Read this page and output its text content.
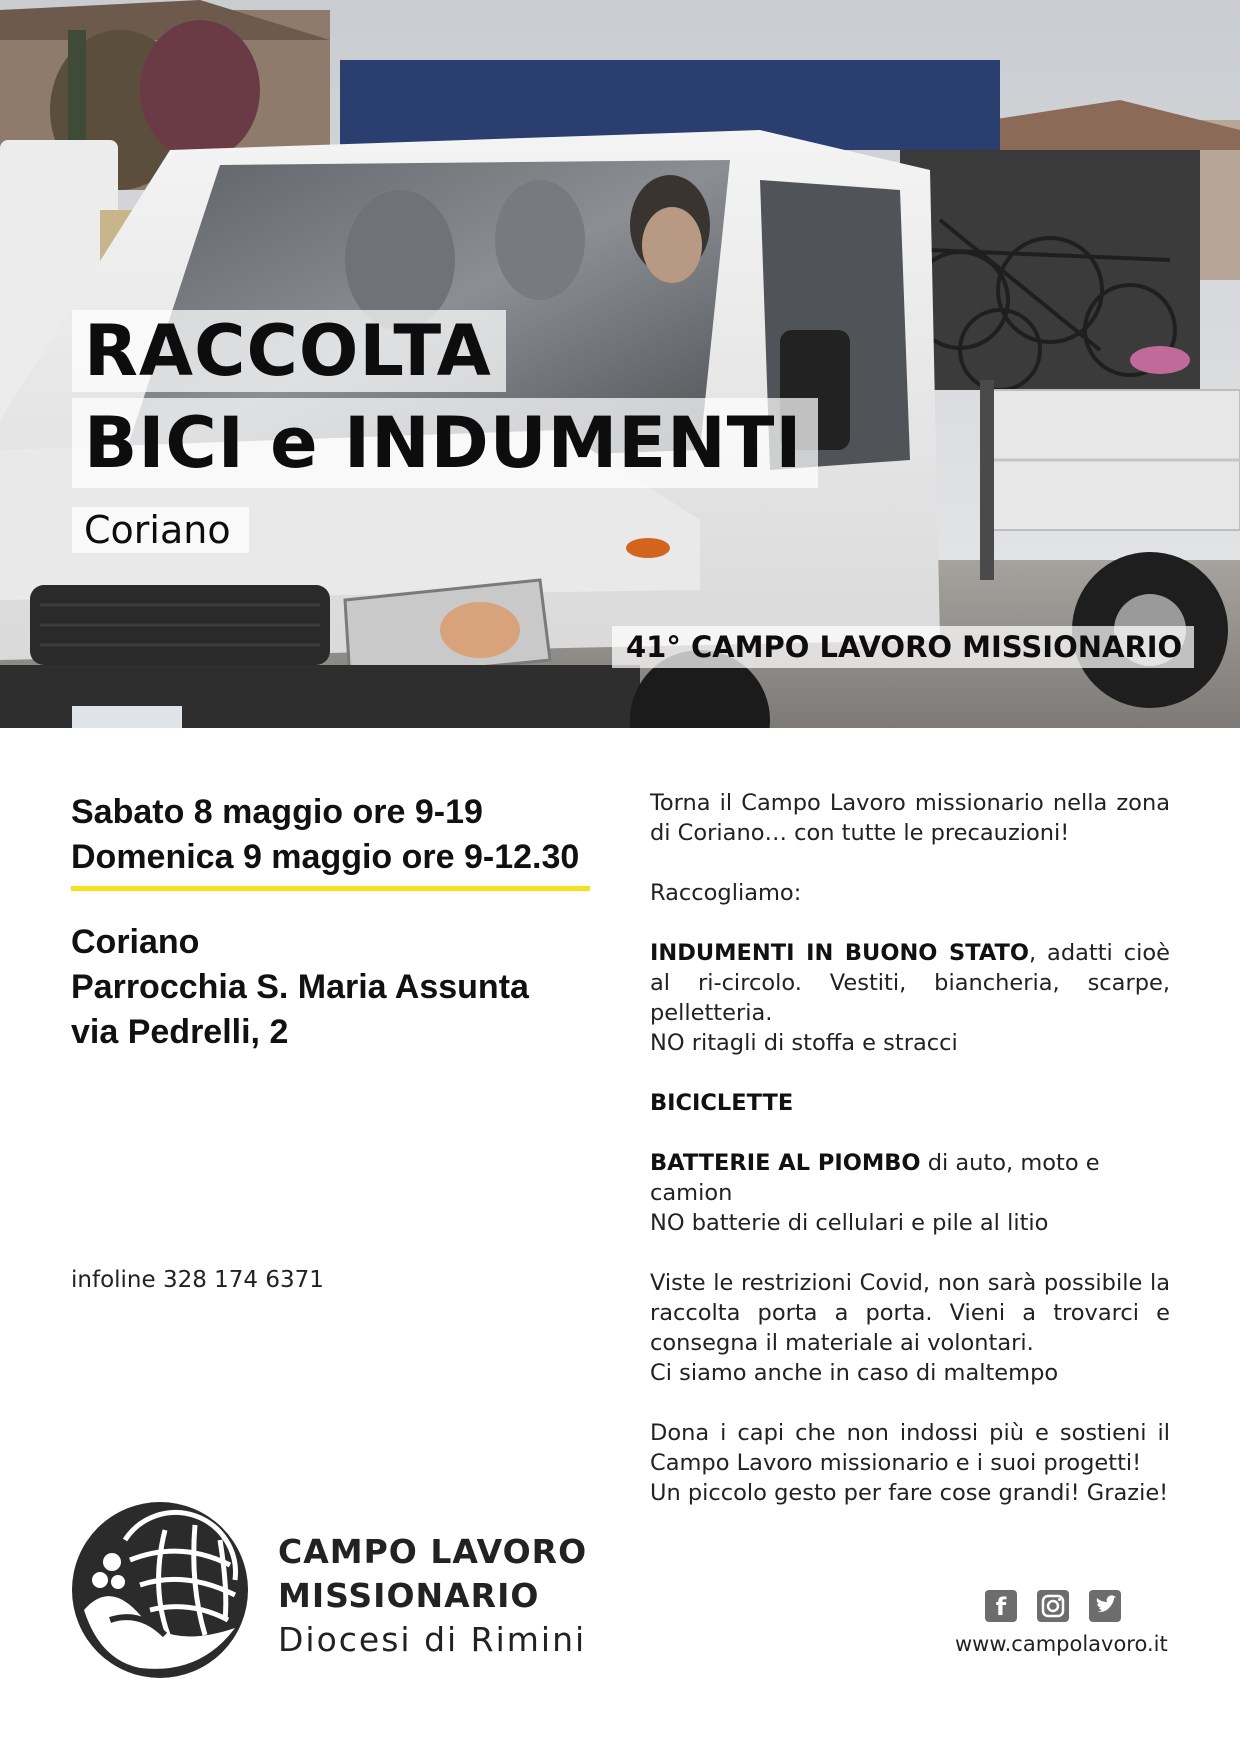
RACCOLTA
BICI e INDUMENTI
Coriano
41° CAMPO LAVORO MISSIONARIO
Sabato 8 maggio ore 9-19
Domenica 9 maggio ore 9-12.30
Coriano
Parrocchia S. Maria Assunta
via Pedrelli, 2
infoline 328 174 6371

Torna il Campo Lavoro missionario nella zona di Coriano… con tutte le precauzioni!

Raccogliamo:

INDUMENTI IN BUONO STATO, adatti cioè al ri-circolo. Vestiti, biancheria, scarpe, pelletteria.
NO ritagli di stoffa e stracci

BICICLETTE

BATTERIE AL PIOMBO di auto, moto e camion
NO batterie di cellulari e pile al litio

Viste le restrizioni Covid, non sarà possibile la raccolta porta a porta. Vieni a trovarci e consegna il materiale ai volontari.
Ci siamo anche in caso di maltempo

Dona i capi che non indossi più e sostieni il Campo Lavoro missionario e i suoi progetti!
Un piccolo gesto per fare cose grandi! Grazie!

CAMPO LAVORO
MISSIONARIO
Diocesi di Rimini
f
www.campolavoro.it
